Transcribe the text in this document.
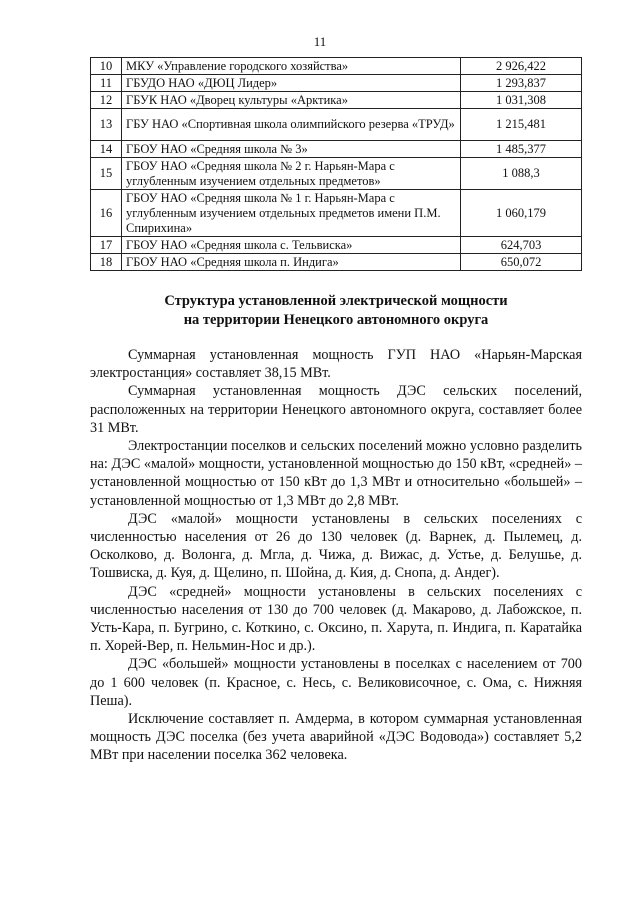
11
10	МКУ «Управление городского хозяйства»	2 926,422
11	ГБУДО НАО «ДЮЦ Лидер»	1 293,837
12	ГБУК НАО «Дворец культуры «Арктика»	1 031,308
13	ГБУ НАО «Спортивная школа олимпийского резерва «ТРУД»	1 215,481
14	ГБОУ НАО «Средняя школа № 3»	1 485,377
15	ГБОУ НАО «Средняя школа № 2 г. Нарьян-Мара с углубленным изучением отдельных предметов»	1 088,3
16	ГБОУ НАО «Средняя школа № 1 г. Нарьян-Мара с углубленным изучением отдельных предметов имени П.М. Спирихина»	1 060,179
17	ГБОУ НАО «Средняя школа с. Тельвиска»	624,703
18	ГБОУ НАО «Средняя школа п. Индига»	650,072
Структура установленной электрической мощности
на территории Ненецкого автономного округа

Суммарная установленная мощность ГУП НАО «Нарьян-Марская электростанция» составляет 38,15 МВт.

Суммарная установленная мощность ДЭС сельских поселений, расположенных на территории Ненецкого автономного округа, составляет более 31 МВт.

Электростанции поселков и сельских поселений можно условно разделить на: ДЭС «малой» мощности, установленной мощностью до 150 кВт, «средней» – установленной мощностью от 150 кВт до 1,3 МВт и относительно «большей» – установленной мощностью от 1,3 МВт до 2,8 МВт.

ДЭС «малой» мощности установлены в сельских поселениях с численностью населения от 26 до 130 человек (д. Варнек, д. Пылемец, д. Осколково, д. Волонга, д. Мгла, д. Чижа, д. Вижас, д. Устье, д. Белушье, д. Тошвиска, д. Куя, д. Щелино, п. Шойна, д. Кия, д. Снопа, д. Андег).

ДЭС «средней» мощности установлены в сельских поселениях с численностью населения от 130 до 700 человек (д. Макарово, д. Лабожское, п. Усть-Кара, п. Бугрино, с. Коткино, с. Оксино, п. Харута, п. Индига, п. Каратайка п. Хорей-Вер, п. Нельмин-Нос и др.).

ДЭС «большей» мощности установлены в поселках с населением от 700 до 1 600 человек (п. Красное, с. Несь, с. Великовисочное, с. Ома, с. Нижняя Пеша).

Исключение составляет п. Амдерма, в котором суммарная установленная мощность ДЭС поселка (без учета аварийной «ДЭС Водовода») составляет 5,2 МВт при населении поселка 362 человека.
